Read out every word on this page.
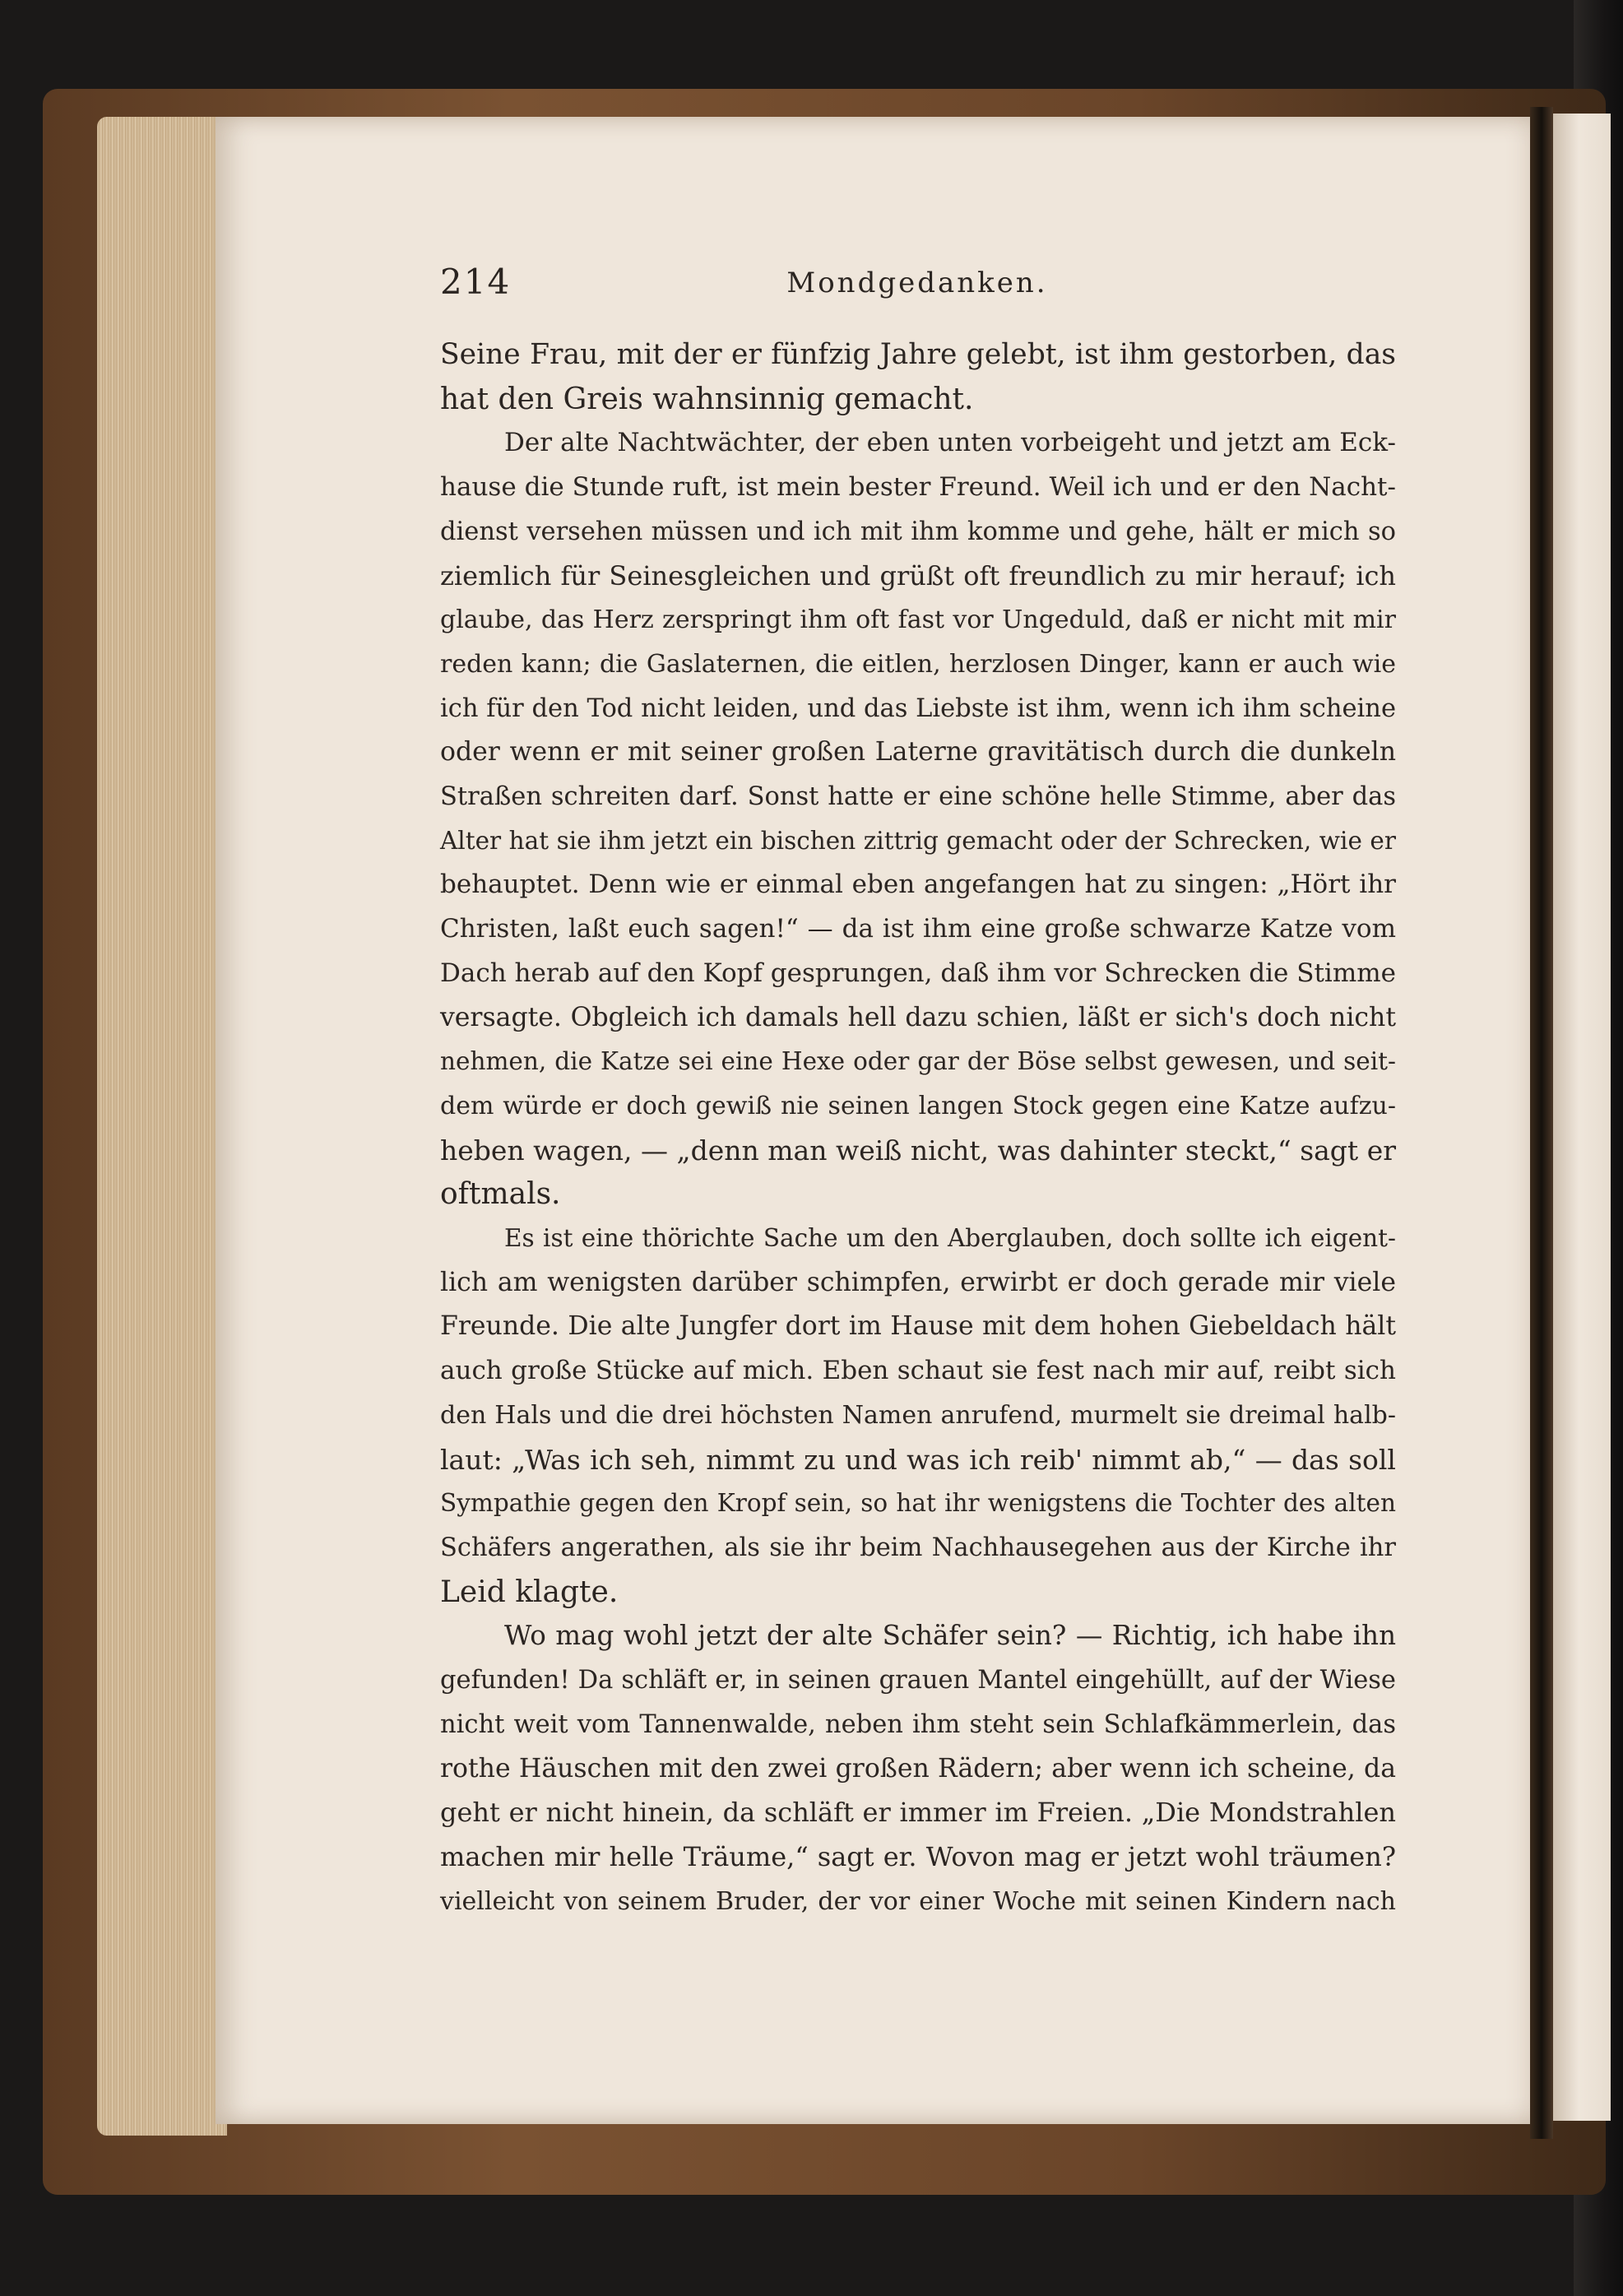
214	Mondgedanken.
Seine Frau, mit der er fünfzig Jahre gelebt, ist ihm gestorben, das
hat den Greis wahnsinnig gemacht.
Der alte Nachtwächter, der eben unten vorbeigeht und jetzt am Eck-
hause die Stunde ruft, ist mein bester Freund. Weil ich und er den Nacht-
dienst versehen müssen und ich mit ihm komme und gehe, hält er mich so
ziemlich für Seinesgleichen und grüßt oft freundlich zu mir herauf; ich
glaube, das Herz zerspringt ihm oft fast vor Ungeduld, daß er nicht mit mir
reden kann; die Gaslaternen, die eitlen, herzlosen Dinger, kann er auch wie
ich für den Tod nicht leiden, und das Liebste ist ihm, wenn ich ihm scheine
oder wenn er mit seiner großen Laterne gravitätisch durch die dunkeln
Straßen schreiten darf. Sonst hatte er eine schöne helle Stimme, aber das
Alter hat sie ihm jetzt ein bischen zittrig gemacht oder der Schrecken, wie er
behauptet. Denn wie er einmal eben angefangen hat zu singen: „Hört ihr
Christen, laßt euch sagen!“ — da ist ihm eine große schwarze Katze vom
Dach herab auf den Kopf gesprungen, daß ihm vor Schrecken die Stimme
versagte. Obgleich ich damals hell dazu schien, läßt er sich's doch nicht
nehmen, die Katze sei eine Hexe oder gar der Böse selbst gewesen, und seit-
dem würde er doch gewiß nie seinen langen Stock gegen eine Katze aufzu-
heben wagen, — „denn man weiß nicht, was dahinter steckt,“ sagt er
oftmals.
Es ist eine thörichte Sache um den Aberglauben, doch sollte ich eigent-
lich am wenigsten darüber schimpfen, erwirbt er doch gerade mir viele
Freunde. Die alte Jungfer dort im Hause mit dem hohen Giebeldach hält
auch große Stücke auf mich. Eben schaut sie fest nach mir auf, reibt sich
den Hals und die drei höchsten Namen anrufend, murmelt sie dreimal halb-
laut: „Was ich seh, nimmt zu und was ich reib' nimmt ab,“ — das soll
Sympathie gegen den Kropf sein, so hat ihr wenigstens die Tochter des alten
Schäfers angerathen, als sie ihr beim Nachhausegehen aus der Kirche ihr
Leid klagte.
Wo mag wohl jetzt der alte Schäfer sein? — Richtig, ich habe ihn
gefunden! Da schläft er, in seinen grauen Mantel eingehüllt, auf der Wiese
nicht weit vom Tannenwalde, neben ihm steht sein Schlafkämmerlein, das
rothe Häuschen mit den zwei großen Rädern; aber wenn ich scheine, da
geht er nicht hinein, da schläft er immer im Freien. „Die Mondstrahlen
machen mir helle Träume,“ sagt er. Wovon mag er jetzt wohl träumen?
vielleicht von seinem Bruder, der vor einer Woche mit seinen Kindern nach
